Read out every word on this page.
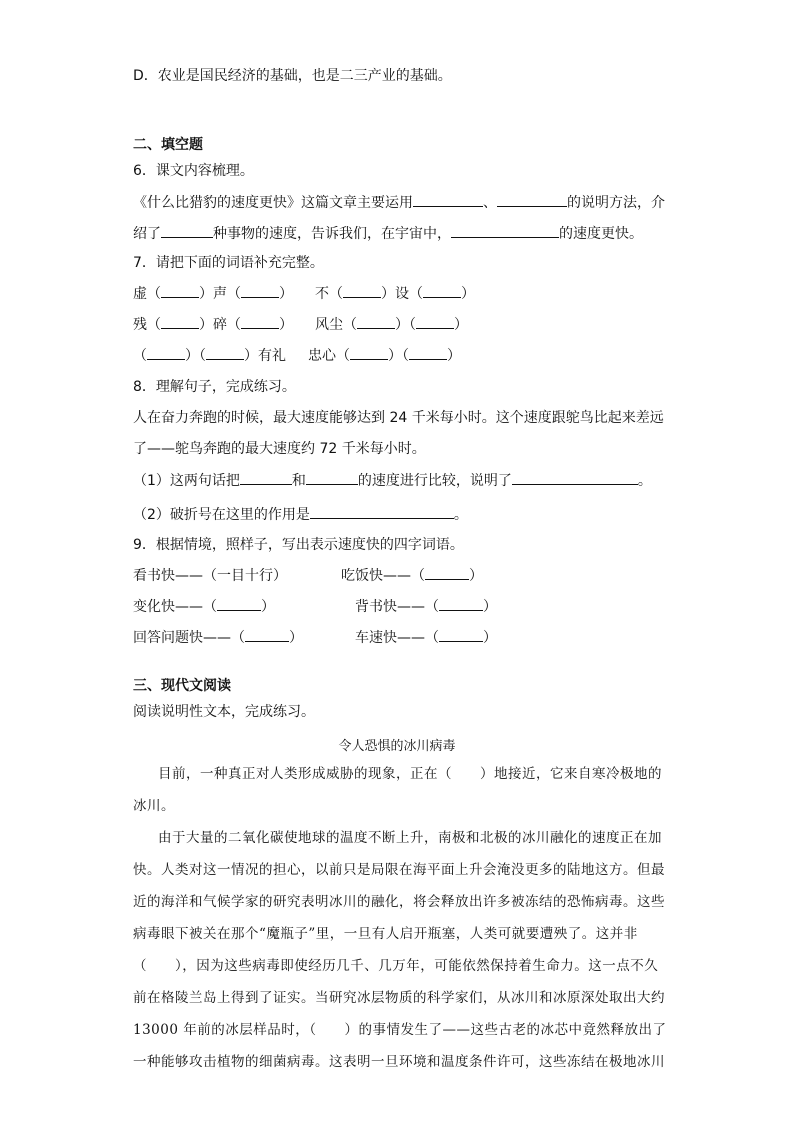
D．农业是国民经济的基础，也是二三产业的基础。
二、填空题
6．课文内容梳理。
《什么比猎豹的速度更快》这篇文章主要运用	、	的说明方法，介
绍了	种事物的速度，告诉我们，在宇宙中，	的速度更快。
7．请把下面的词语补充完整。
虚（	）声（	） 不（	）设（	）
残（	）碎（	） 风尘（	）（	）
（	）（	）有礼 忠心（	）（	）
8．理解句子，完成练习。
人在奋力奔跑的时候，最大速度能够达到 24 千米每小时。这个速度跟鸵鸟比起来差远
了——鸵鸟奔跑的最大速度约 72 千米每小时。
（1）这两句话把	和	的速度进行比较，说明了	。
（2）破折号在这里的作用是	。
9．根据情境，照样子，写出表示速度快的四字词语。
看书快——（一目十行）	吃饭快——（	）
变化快——（	）	背书快——（	）
回答问题快——（	）	车速快——（	）
三、现代文阅读
阅读说明性文本，完成练习。
令人恐惧的冰川病毒
目前，一种真正对人类形成威胁的现象，正在（　　）地接近，它来自寒冷极地的
冰川。
由于大量的二氧化碳使地球的温度不断上升，南极和北极的冰川融化的速度正在加
快。人类对这一情况的担心，以前只是局限在海平面上升会淹没更多的陆地这方。但最
近的海洋和气候学家的研究表明冰川的融化，将会释放出许多被冻结的恐怖病毒。这些
病毒眼下被关在那个“魔瓶子”里，一旦有人启开瓶塞，人类可就要遭殃了。这并非
（　　），因为这些病毒即使经历几千、几万年，可能依然保持着生命力。这一点不久
前在格陵兰岛上得到了证实。当研究冰层物质的科学家们，从冰川和冰原深处取出大约
13000 年前的冰层样品时，（　　）的事情发生了——这些古老的冰芯中竟然释放出了
一种能够攻击植物的细菌病毒。这表明一旦环境和温度条件许可，这些冻结在极地冰川
